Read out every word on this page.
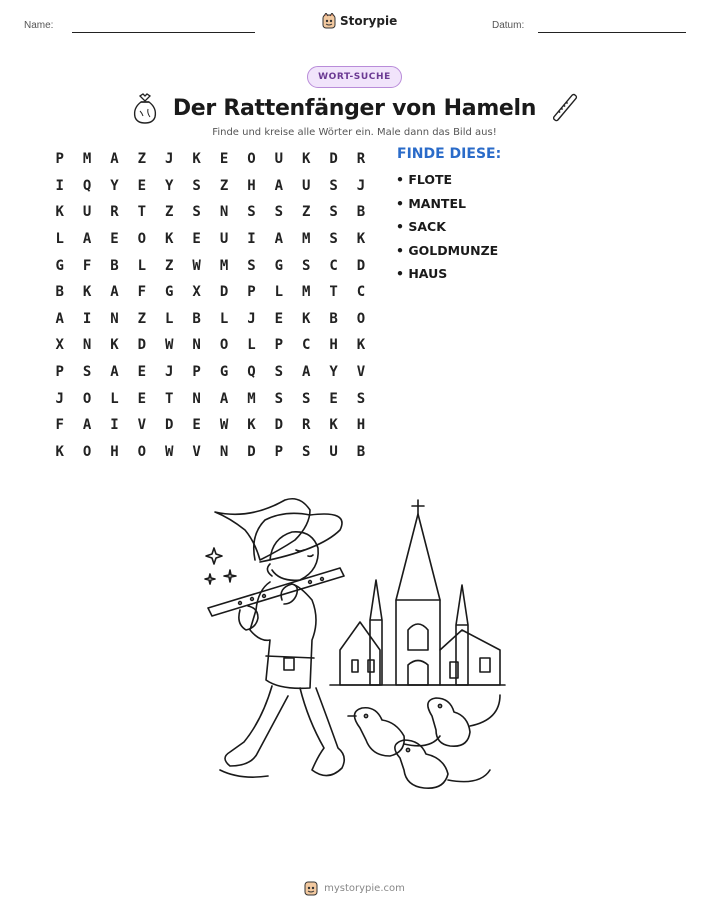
Name:	Storypie	Datum:
WORT-SUCHE
Der Rattenfänger von Hameln
Finde und kreise alle Wörter ein. Male dann das Bild aus!
P	M	A	Z	J	K	E	O	U	K	D	R
I	Q	Y	E	Y	S	Z	H	A	U	S	J
K	U	R	T	Z	S	N	S	S	Z	S	B
L	A	E	O	K	E	U	I	A	M	S	K
G	F	B	L	Z	W	M	S	G	S	C	D
B	K	A	F	G	X	D	P	L	M	T	C
A	I	N	Z	L	B	L	J	E	K	B	O
X	N	K	D	W	N	O	L	P	C	H	K
P	S	A	E	J	P	G	Q	S	A	Y	V
J	O	L	E	T	N	A	M	S	S	E	S
F	A	I	V	D	E	W	K	D	R	K	H
K	O	H	O	W	V	N	D	P	S	U	B
FINDE DIESE:
• FLOTE
• MANTEL
• SACK
• GOLDMUNZE
• HAUS
mystorypie.com
